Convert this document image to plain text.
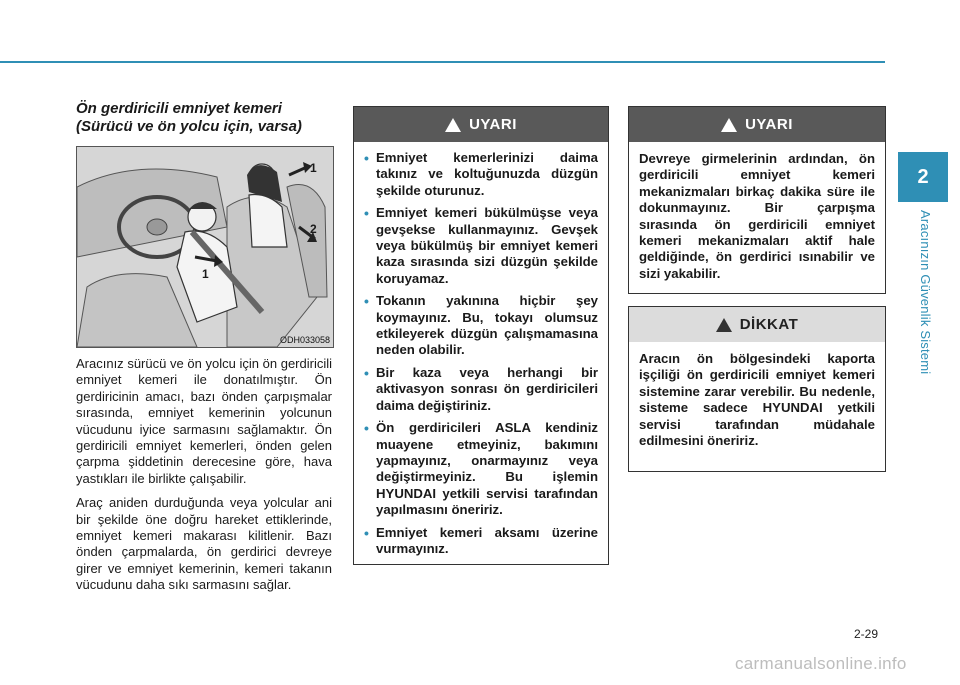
2
Aracınızın Güvenlik Sistemi
Ön gerdiricili emniyet kemeri (Sürücü ve ön yolcu için, varsa)
1
2
1
ODH033058

Aracınız sürücü ve ön yolcu için ön gerdiricili emniyet kemeri ile donatılmıştır. Ön gerdiricinin amacı, bazı önden çarpışmalar sırasında, emniyet kemerinin yolcunun vücudunu iyice sarmasını sağlamaktır. Ön gerdiricili emniyet kemerleri, önden gelen çarpma şiddetinin derecesine göre, hava yastıkları ile birlikte çalışabilir.

Araç aniden durduğunda veya yolcular ani bir şekilde öne doğru hareket ettiklerinde, emniyet kemeri makarası kilitlenir. Bazı önden çarpmalarda, ön gerdirici devreye girer ve emniyet kemerinin, kemeri takanın vücudunu daha sıkı sarmasını sağlar.

UYARI
• Emniyet kemerlerinizi daima takınız ve koltuğunuzda düzgün şekilde oturunuz.
• Emniyet kemeri bükülmüşse veya gevşekse kullanmayınız. Gevşek veya bükülmüş bir emniyet kemeri kaza sırasında sizi düzgün şekilde koruyamaz.
• Tokanın yakınına hiçbir şey koymayınız. Bu, tokayı olumsuz etkileyerek düzgün çalışmamasına neden olabilir.
• Bir kaza veya herhangi bir aktivasyon sonrası ön gerdiricileri daima değiştiriniz.
• Ön gerdiricileri ASLA kendiniz muayene etmeyiniz, bakımını yapmayınız, onarmayınız veya değiştirmeyiniz. Bu işlemin HYUNDAI yetkili servisi tarafından yapılmasını öneririz.
• Emniyet kemeri aksamı üzerine vurmayınız.
UYARI

Devreye girmelerinin ardından, ön gerdiricili emniyet kemeri mekanizmaları birkaç dakika süre ile dokunmayınız. Bir çarpışma sırasında ön gerdiricili emniyet kemeri mekanizmaları aktif hale geldiğinde, ön gerdirici ısınabilir ve sizi yakabilir.

DİKKAT

Aracın ön bölgesindeki kaporta işçiliği ön gerdiricili emniyet kemeri sistemine zarar verebilir. Bu nedenle, sisteme sadece HYUNDAI yetkili servisi tarafından müdahale edilmesini öneririz.

2-29
carmanualsonline.info
